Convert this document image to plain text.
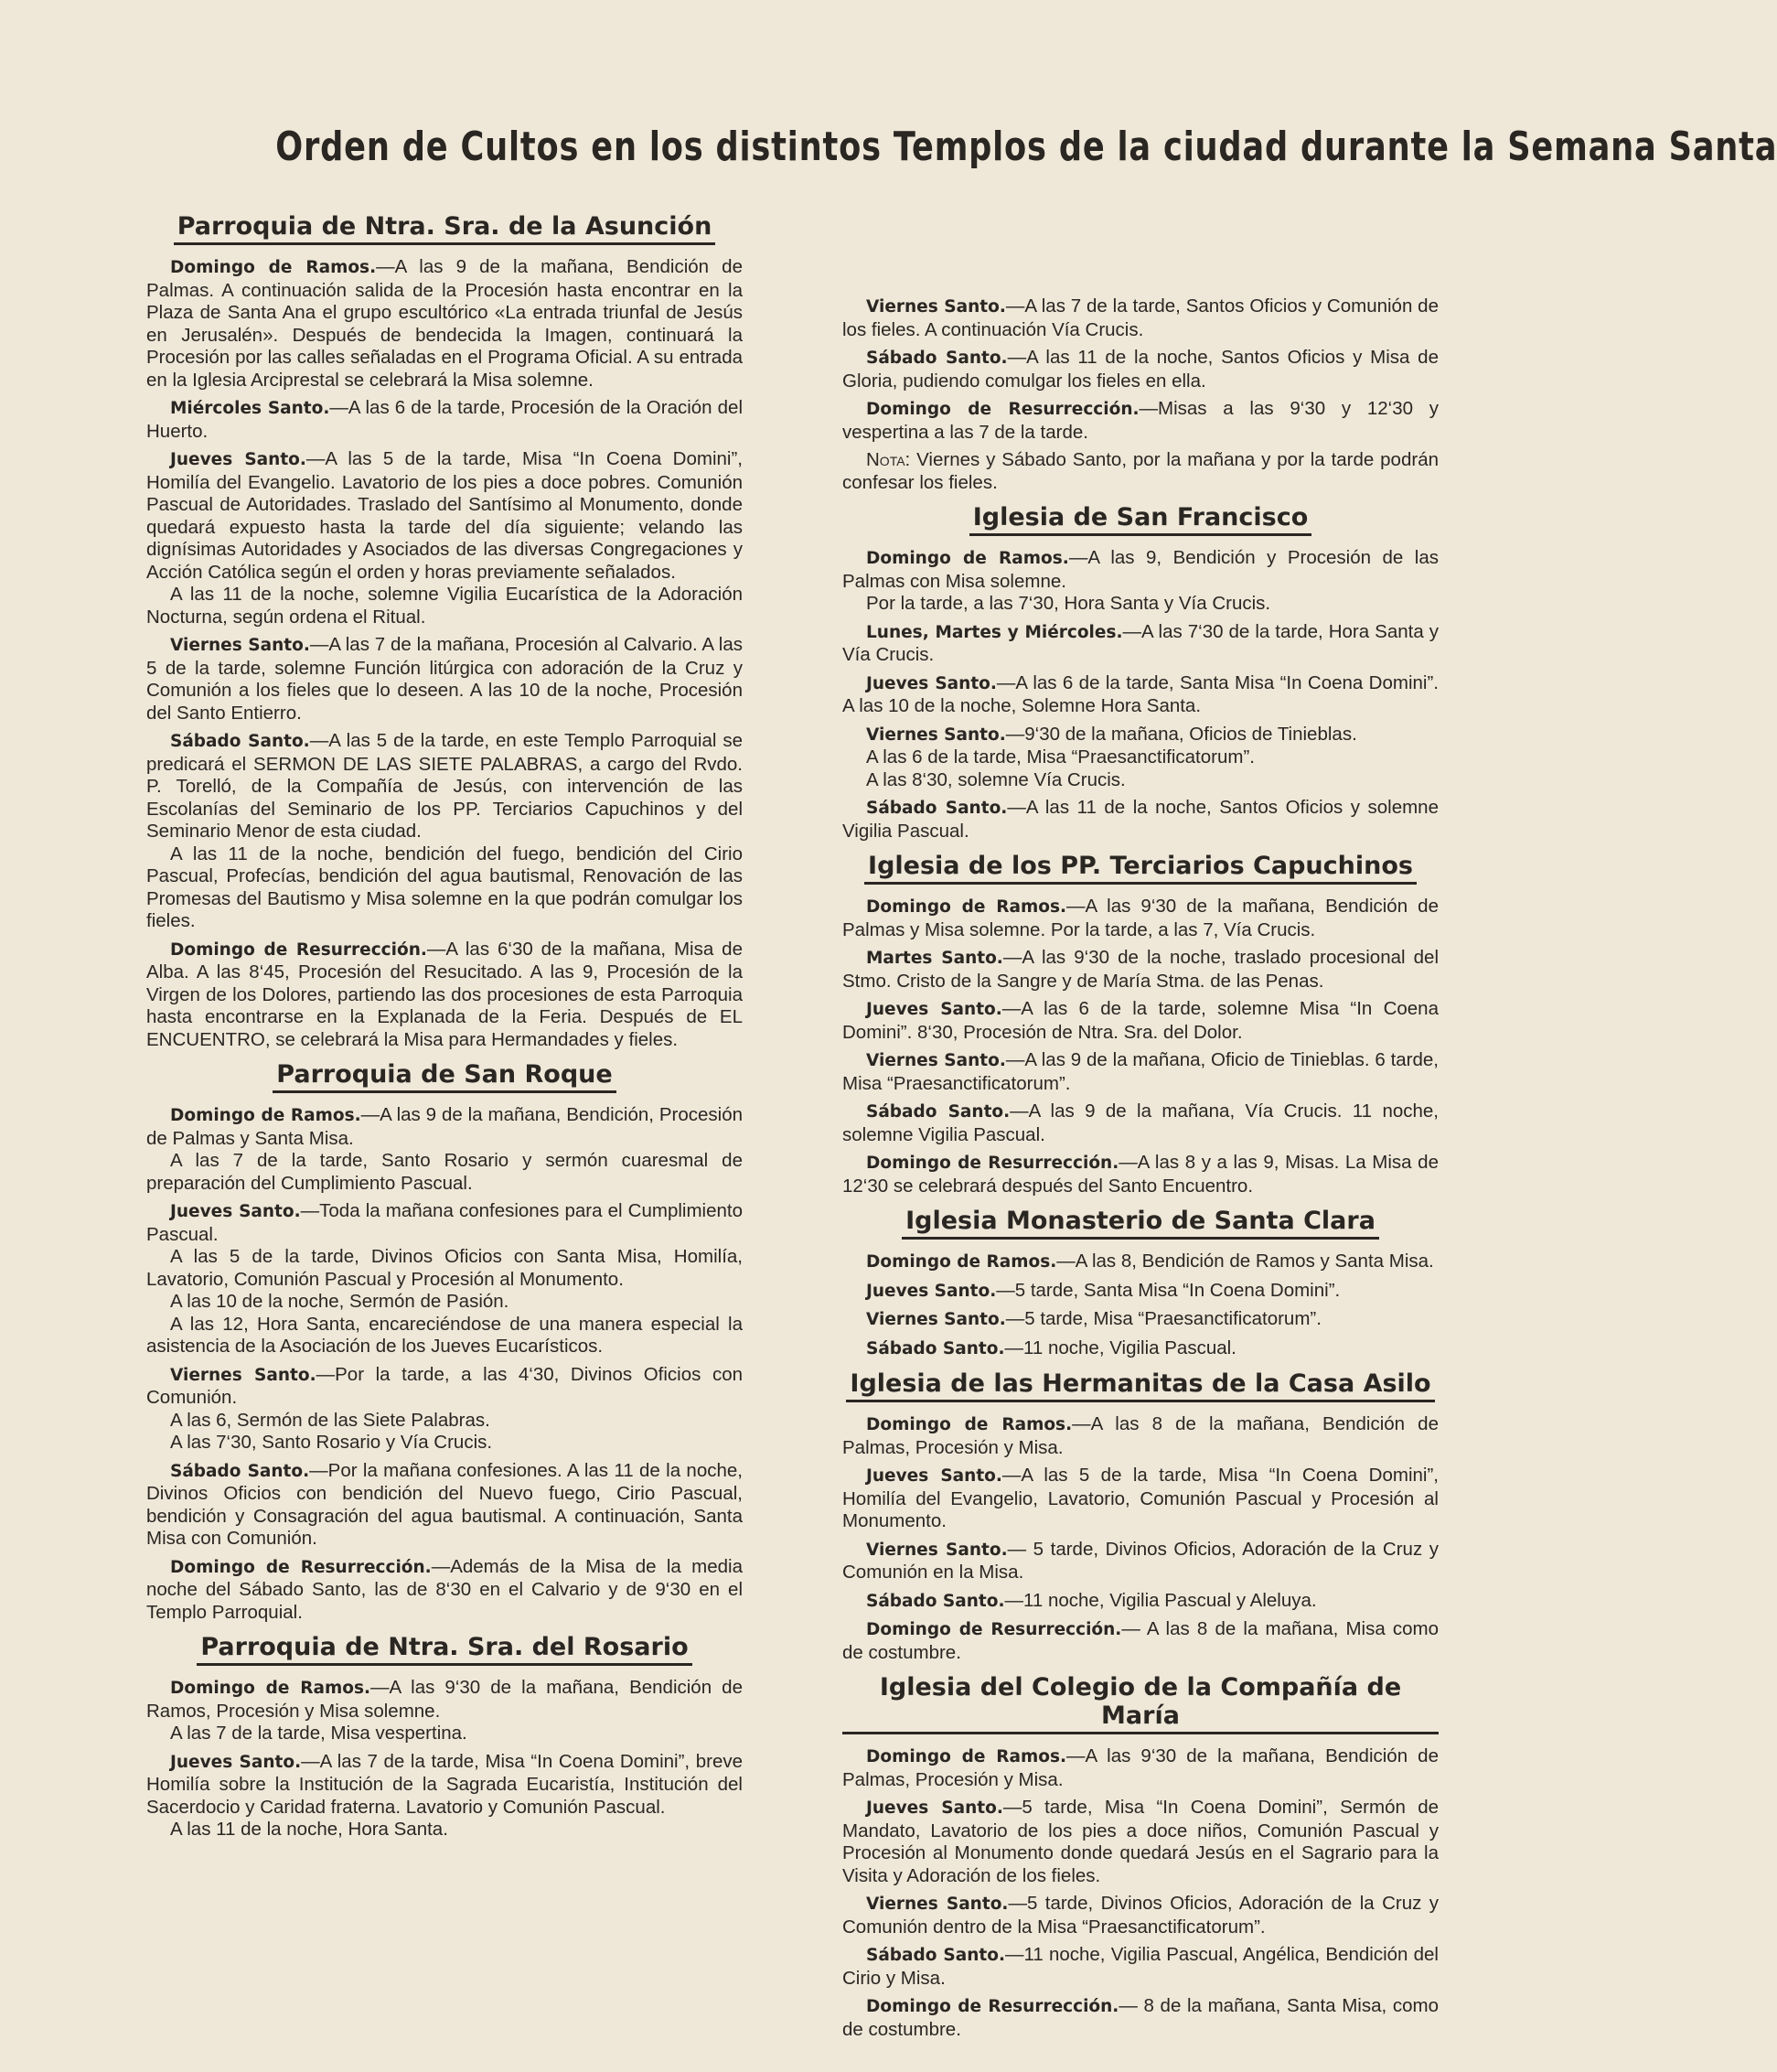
Orden de Cultos en los distintos Templos de la ciudad durante la Semana Santa
Parroquia de Ntra. Sra. de la Asunción

Domingo de Ramos.—A las 9 de la mañana, Bendición de Palmas. A continuación salida de la Procesión hasta encontrar en la Plaza de Santa Ana el grupo escultórico «La entrada triunfal de Jesús en Jerusalén». Después de bendecida la Imagen, continuará la Procesión por las calles señaladas en el Programa Oficial. A su entrada en la Iglesia Arciprestal se celebrará la Misa solemne.

Miércoles Santo.—A las 6 de la tarde, Procesión de la Oración del Huerto.

Jueves Santo.—A las 5 de la tarde, Misa “In Coena Domini”, Homilía del Evangelio. Lavatorio de los pies a doce pobres. Comunión Pascual de Autoridades. Traslado del Santísimo al Monumento, donde quedará expuesto hasta la tarde del día siguiente; velando las dignísimas Autoridades y Asociados de las diversas Congregaciones y Acción Católica según el orden y horas previamente señalados.

A las 11 de la noche, solemne Vigilia Eucarística de la Adoración Nocturna, según ordena el Ritual.

Viernes Santo.—A las 7 de la mañana, Procesión al Calvario. A las 5 de la tarde, solemne Función litúrgica con adoración de la Cruz y Comunión a los fieles que lo deseen. A las 10 de la noche, Procesión del Santo Entierro.

Sábado Santo.—A las 5 de la tarde, en este Templo Parroquial se predicará el SERMON DE LAS SIETE PALABRAS, a cargo del Rvdo. P. Torelló, de la Compañía de Jesús, con intervención de las Escolanías del Seminario de los PP. Terciarios Capuchinos y del Seminario Menor de esta ciudad.

A las 11 de la noche, bendición del fuego, bendición del Cirio Pascual, Profecías, bendición del agua bautismal, Renovación de las Promesas del Bautismo y Misa solemne en la que podrán comulgar los fieles.

Domingo de Resurrección.—A las 6‘30 de la mañana, Misa de Alba. A las 8‘45, Procesión del Resucitado. A las 9, Procesión de la Virgen de los Dolores, partiendo las dos procesiones de esta Parroquia hasta encontrarse en la Explanada de la Feria. Después de EL ENCUENTRO, se celebrará la Misa para Hermandades y fieles.

Parroquia de San Roque

Domingo de Ramos.—A las 9 de la mañana, Bendición, Procesión de Palmas y Santa Misa.

A las 7 de la tarde, Santo Rosario y sermón cuaresmal de preparación del Cumplimiento Pascual.

Jueves Santo.—Toda la mañana confesiones para el Cumplimiento Pascual.

A las 5 de la tarde, Divinos Oficios con Santa Misa, Homilía, Lavatorio, Comunión Pascual y Procesión al Monumento.

A las 10 de la noche, Sermón de Pasión.

A las 12, Hora Santa, encareciéndose de una manera especial la asistencia de la Asociación de los Jueves Eucarísticos.

Viernes Santo.—Por la tarde, a las 4‘30, Divinos Oficios con Comunión.

A las 6, Sermón de las Siete Palabras.

A las 7‘30, Santo Rosario y Vía Crucis.

Sábado Santo.—Por la mañana confesiones. A las 11 de la noche, Divinos Oficios con bendición del Nuevo fuego, Cirio Pascual, bendición y Consagración del agua bautismal. A continuación, Santa Misa con Comunión.

Domingo de Resurrección.—Además de la Misa de la media noche del Sábado Santo, las de 8‘30 en el Calvario y de 9‘30 en el Templo Parroquial.

Parroquia de Ntra. Sra. del Rosario

Domingo de Ramos.—A las 9‘30 de la mañana, Bendición de Ramos, Procesión y Misa solemne.

A las 7 de la tarde, Misa vespertina.

Jueves Santo.—A las 7 de la tarde, Misa “In Coena Domini”, breve Homilía sobre la Institución de la Sagrada Eucaristía, Institución del Sacerdocio y Caridad fraterna. Lavatorio y Comunión Pascual.

A las 11 de la noche, Hora Santa.

Viernes Santo.—A las 7 de la tarde, Santos Oficios y Comunión de los fieles. A continuación Vía Crucis.

Sábado Santo.—A las 11 de la noche, Santos Oficios y Misa de Gloria, pudiendo comulgar los fieles en ella.

Domingo de Resurrección.—Misas a las 9‘30 y 12‘30 y vespertina a las 7 de la tarde.

Nota: Viernes y Sábado Santo, por la mañana y por la tarde podrán confesar los fieles.

Iglesia de San Francisco

Domingo de Ramos.—A las 9, Bendición y Procesión de las Palmas con Misa solemne.

Por la tarde, a las 7‘30, Hora Santa y Vía Crucis.

Lunes, Martes y Miércoles.—A las 7‘30 de la tarde, Hora Santa y Vía Crucis.

Jueves Santo.—A las 6 de la tarde, Santa Misa “In Coena Domini”. A las 10 de la noche, Solemne Hora Santa.

Viernes Santo.—9‘30 de la mañana, Oficios de Tinieblas.

A las 6 de la tarde, Misa “Praesanctificatorum”.

A las 8‘30, solemne Vía Crucis.

Sábado Santo.—A las 11 de la noche, Santos Oficios y solemne Vigilia Pascual.

Iglesia de los PP. Terciarios Capuchinos

Domingo de Ramos.—A las 9‘30 de la mañana, Bendición de Palmas y Misa solemne. Por la tarde, a las 7, Vía Crucis.

Martes Santo.—A las 9‘30 de la noche, traslado procesional del Stmo. Cristo de la Sangre y de María Stma. de las Penas.

Jueves Santo.—A las 6 de la tarde, solemne Misa “In Coena Domini”. 8‘30, Procesión de Ntra. Sra. del Dolor.

Viernes Santo.—A las 9 de la mañana, Oficio de Tinieblas. 6 tarde, Misa “Praesanctificatorum”.

Sábado Santo.—A las 9 de la mañana, Vía Crucis. 11 noche, solemne Vigilia Pascual.

Domingo de Resurrección.—A las 8 y a las 9, Misas. La Misa de 12‘30 se celebrará después del Santo Encuentro.

Iglesia Monasterio de Santa Clara

Domingo de Ramos.—A las 8, Bendición de Ramos y Santa Misa.

Jueves Santo.—5 tarde, Santa Misa “In Coena Domini”.

Viernes Santo.—5 tarde, Misa “Praesanctificatorum”.

Sábado Santo.—11 noche, Vigilia Pascual.

Iglesia de las Hermanitas de la Casa Asilo

Domingo de Ramos.—A las 8 de la mañana, Bendición de Palmas, Procesión y Misa.

Jueves Santo.—A las 5 de la tarde, Misa “In Coena Domini”, Homilía del Evangelio, Lavatorio, Comunión Pascual y Procesión al Monumento.

Viernes Santo.— 5 tarde, Divinos Oficios, Adoración de la Cruz y Comunión en la Misa.

Sábado Santo.—11 noche, Vigilia Pascual y Aleluya.

Domingo de Resurrección.— A las 8 de la mañana, Misa como de costumbre.

Iglesia del Colegio de la Compañía de María

Domingo de Ramos.—A las 9‘30 de la mañana, Bendición de Palmas, Procesión y Misa.

Jueves Santo.—5 tarde, Misa “In Coena Domini”, Sermón de Mandato, Lavatorio de los pies a doce niños, Comunión Pascual y Procesión al Monumento donde quedará Jesús en el Sagrario para la Visita y Adoración de los fieles.

Viernes Santo.—5 tarde, Divinos Oficios, Adoración de la Cruz y Comunión dentro de la Misa “Praesanctificatorum”.

Sábado Santo.—11 noche, Vigilia Pascual, Angélica, Bendición del Cirio y Misa.

Domingo de Resurrección.— 8 de la mañana, Santa Misa, como de costumbre.
